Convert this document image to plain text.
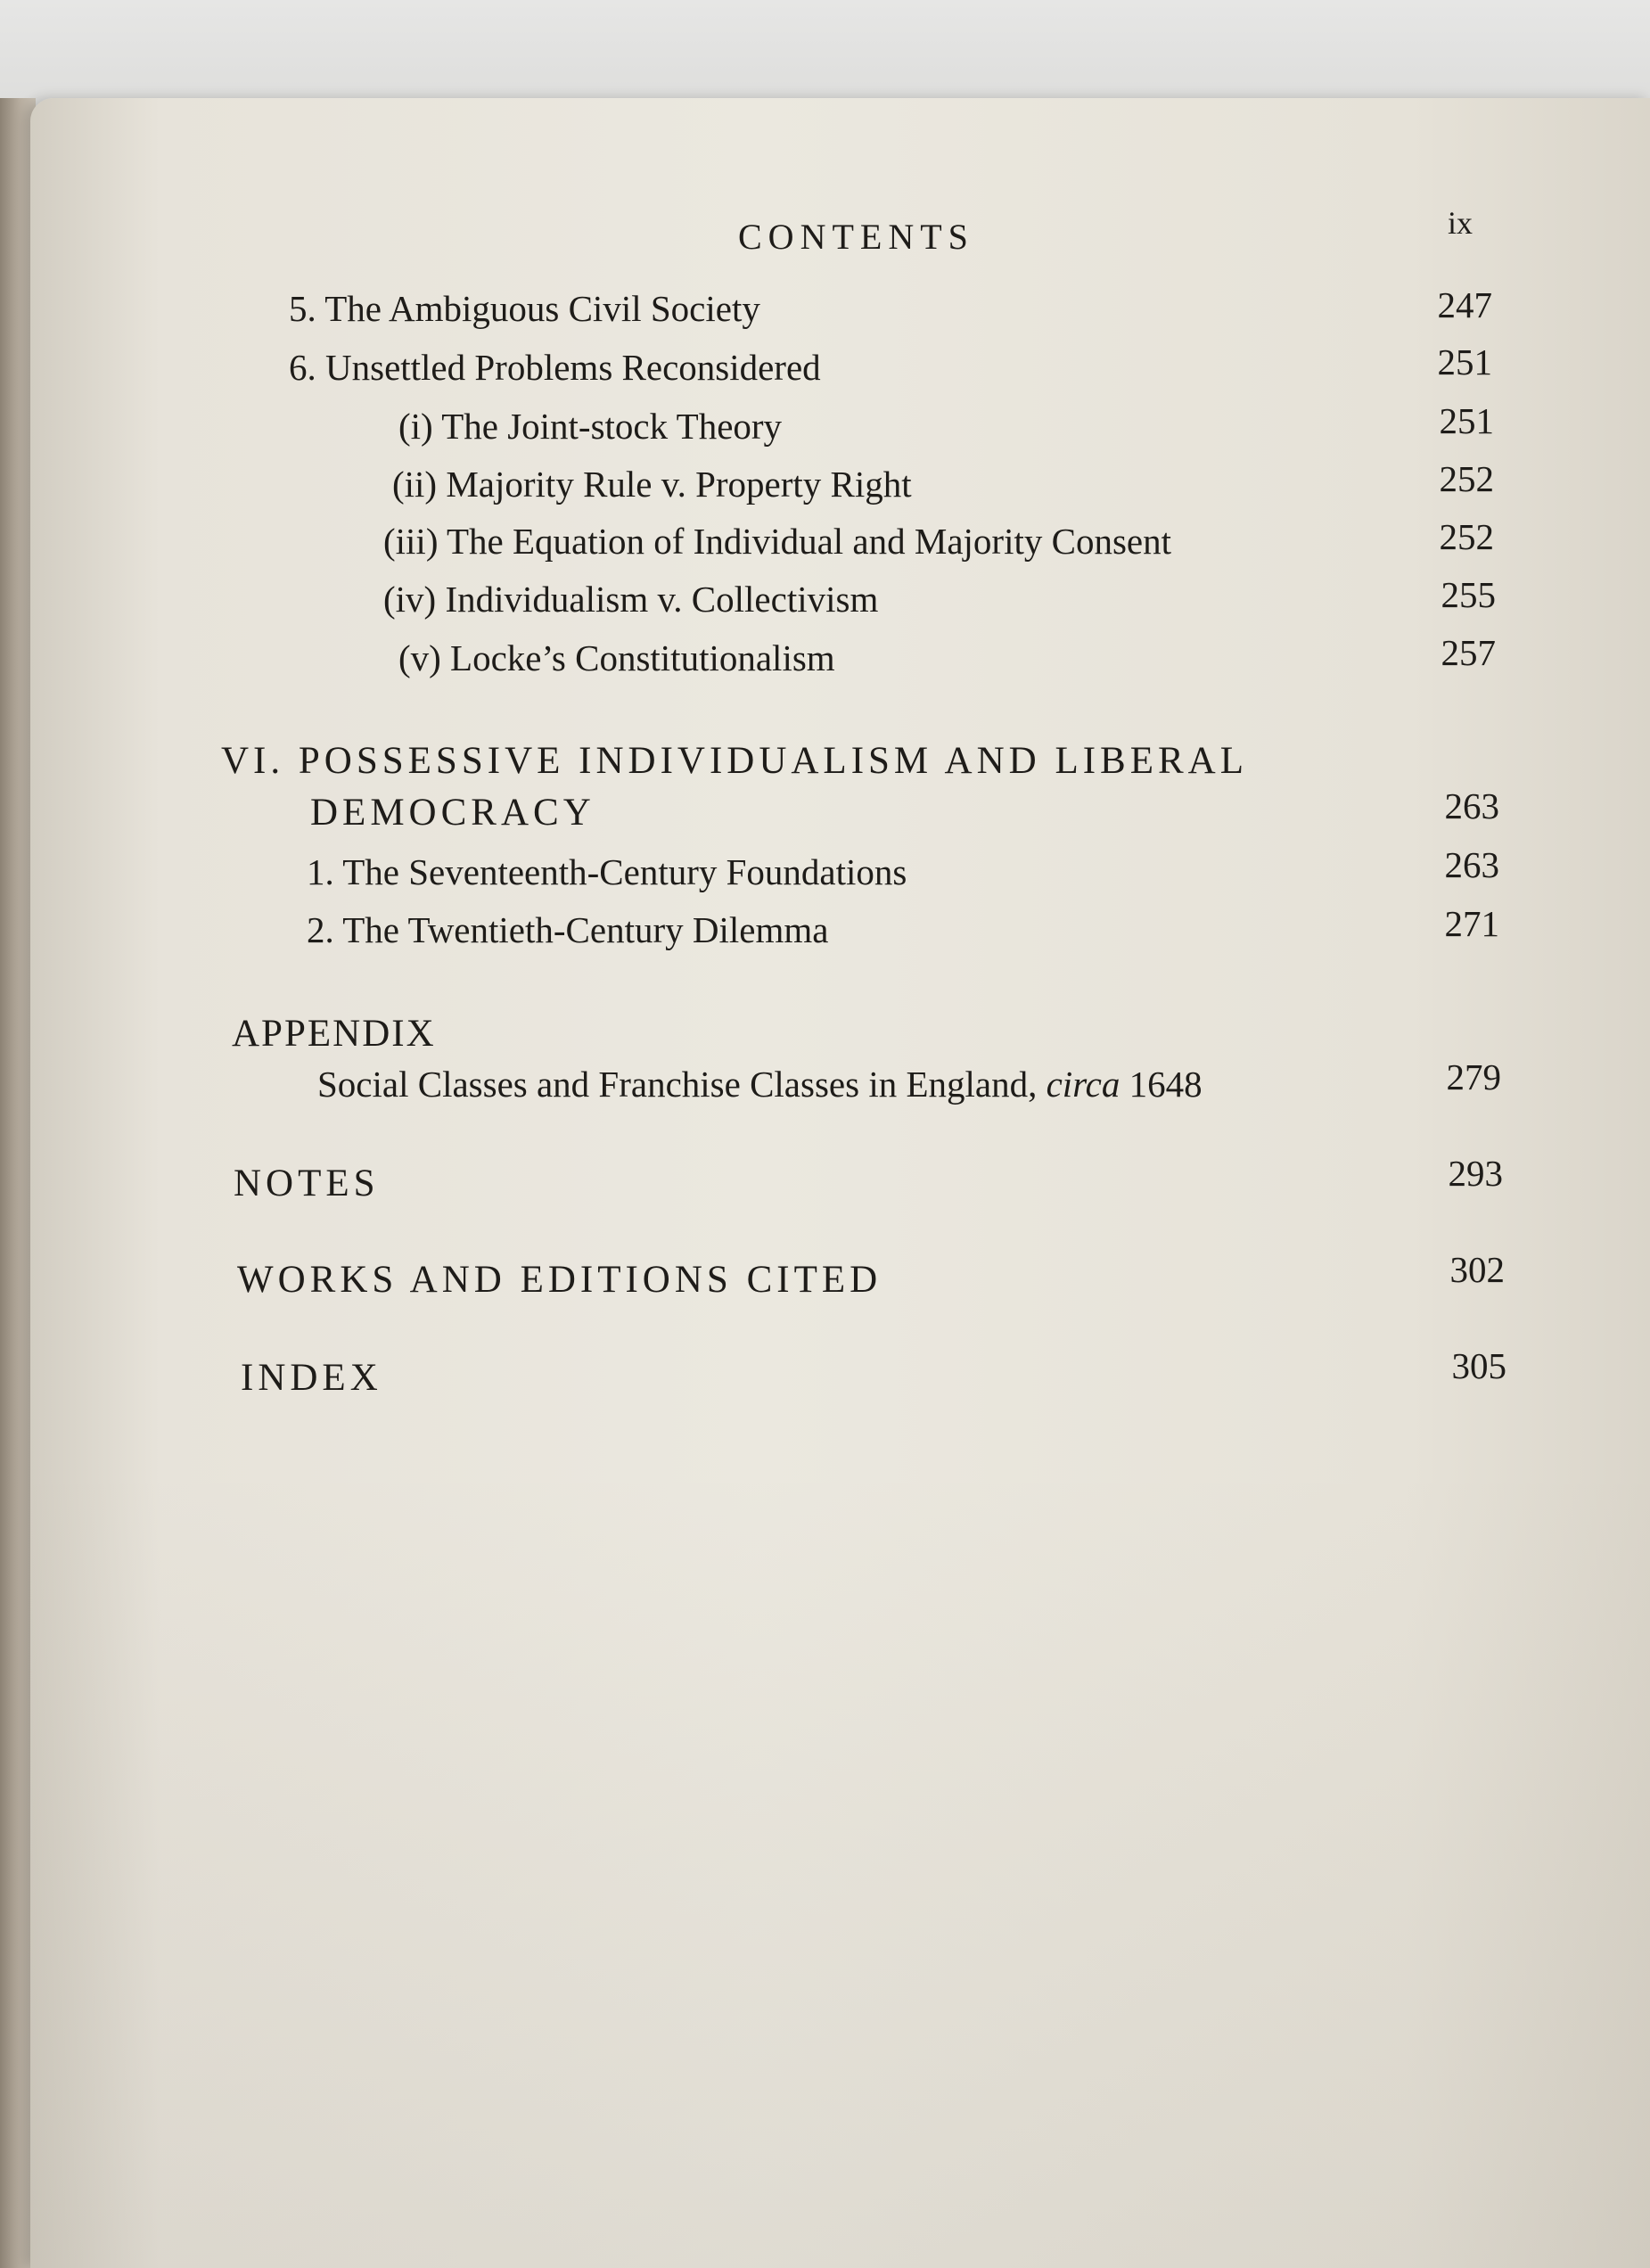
CONTENTS	ix
5. The Ambiguous Civil Society	247
6. Unsettled Problems Reconsidered	251
(i) The Joint-stock Theory	251
(ii) Majority Rule v. Property Right	252
(iii) The Equation of Individual and Majority Consent	252
(iv) Individualism v. Collectivism	255
(v) Locke’s Constitutionalism	257
VI. POSSESSIVE INDIVIDUALISM AND LIBERAL
DEMOCRACY	263
1. The Seventeenth-Century Foundations	263
2. The Twentieth-Century Dilemma	271
APPENDIX
Social Classes and Franchise Classes in England, circa 1648	279
NOTES	293
WORKS AND EDITIONS CITED	302
INDEX	305
